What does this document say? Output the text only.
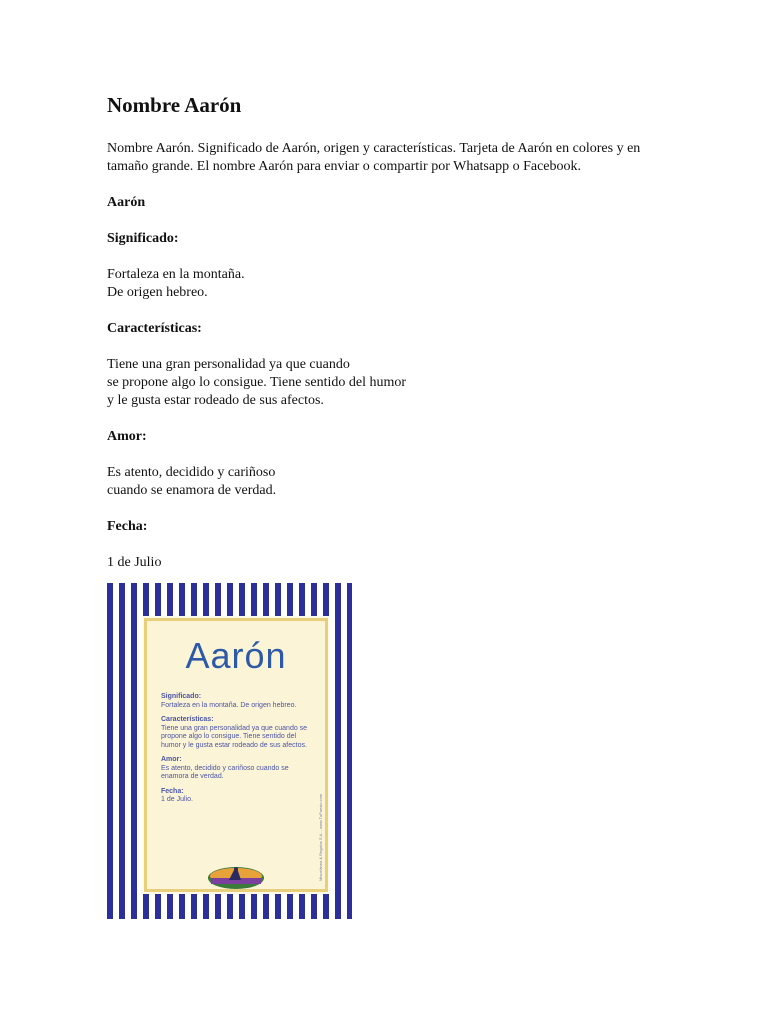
Nombre Aarón

Nombre Aarón. Significado de Aarón, origen y características. Tarjeta de Aarón en colores y en tamaño grande. El nombre Aarón para enviar o compartir por Whatsapp o Facebook.

Aarón

Significado:

Fortaleza en la montaña.
De origen hebreo.

Características:

Tiene una gran personalidad ya que cuando
se propone algo lo consigue. Tiene sentido del humor
y le gusta estar rodeado de sus afectos.

Amor:

Es atento, decidido y cariñoso
cuando se enamora de verdad.

Fecha:

1 de Julio

Aarón
Significado:
Fortaleza en la montaña. De origen hebreo.
Características:
Tiene una gran personalidad ya que cuando se propone algo lo consigue. Tiene sentido del humor y le gusta estar rodeado de sus afectos.
Amor:
Es atento, decidido y cariñoso cuando se enamora de verdad.
Fecha:
1 de Julio.	Miscelánea & Regalos S.A. - www.TuPuesto.com
